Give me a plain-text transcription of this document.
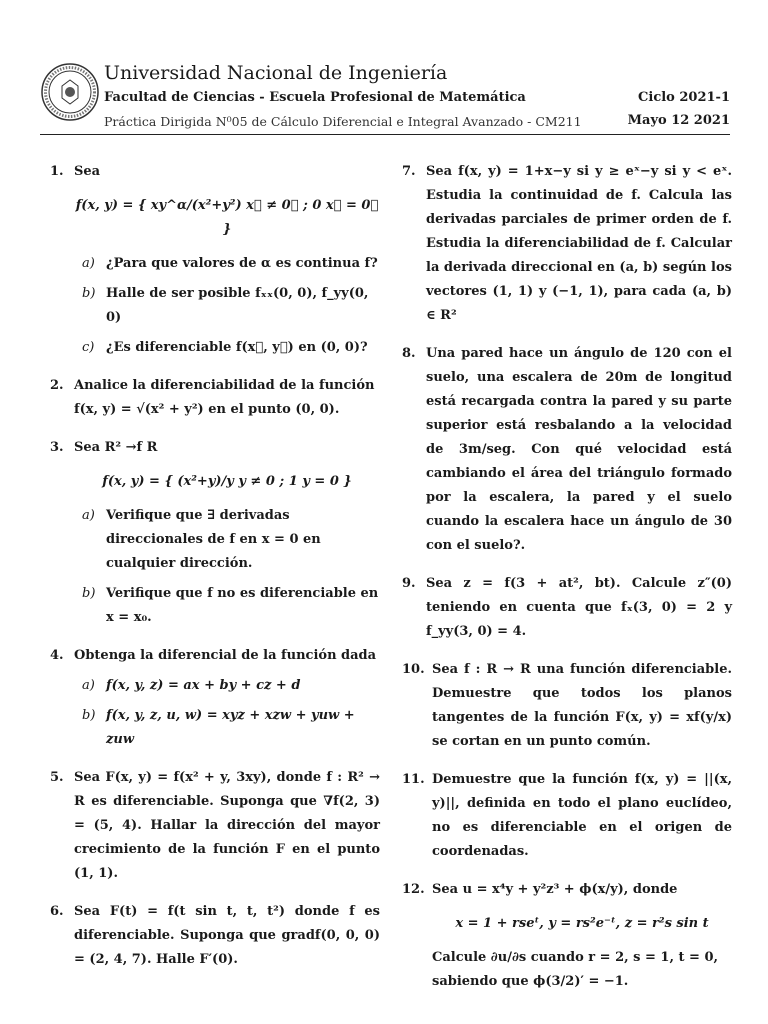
Universidad Nacional de Ingeniería
Facultad de Ciencias - Escuela Profesional de Matemática	Ciclo 2021-1
Práctica Dirigida N⁰05 de Cálculo Diferencial e Integral Avanzado - CM211	Mayo 12 2021
1. Sea
f(x, y) = { xy^α/(x²+y²) x⃗ ≠ 0⃗ ; 0 x⃗ = 0⃗ }
a) ¿Para que valores de α es continua f?
b) Halle de ser posible fₓₓ(0, 0), f_yy(0, 0)
c) ¿Es diferenciable f(x⃗, y⃗) en (0, 0)?
2. Analice la diferenciabilidad de la función f(x, y) = √(x² + y²) en el punto (0, 0).
3. Sea R² →f R
f(x, y) = { (x²+y)/y y ≠ 0 ; 1 y = 0 }
a) Verifique que ∃ derivadas direccionales de f en x = 0 en cualquier dirección.
b) Verifique que f no es diferenciable en x = x₀.
4. Obtenga la diferencial de la función dada
a) f(x, y, z) = ax + by + cz + d
b) f(x, y, z, u, w) = xyz + xzw + yuw + zuw
5. Sea F(x, y) = f(x² + y, 3xy), donde f : R² → R es diferenciable. Suponga que ∇f(2, 3) = (5, 4). Hallar la dirección del mayor crecimiento de la función F en el punto (1, 1).
6. Sea F(t) = f(t sin t, t, t²) donde f es diferenciable. Suponga que gradf(0, 0, 0) = (2, 4, 7). Halle F′(0).
7. Sea f(x, y) = 1+x−y si y ≥ eˣ−y si y < eˣ. Estudia la continuidad de f. Calcula las derivadas parciales de primer orden de f. Estudia la diferenciabilidad de f. Calcular la derivada direccional en (a, b) según los vectores (1, 1) y (−1, 1), para cada (a, b) ∈ R²
8. Una pared hace un ángulo de 120 con el suelo, una escalera de 20m de longitud está recargada contra la pared y su parte superior está resbalando a la velocidad de 3m/seg. Con qué velocidad está cambiando el área del triángulo formado por la escalera, la pared y el suelo cuando la escalera hace un ángulo de 30 con el suelo?.
9. Sea z = f(3 + at², bt). Calcule z″(0) teniendo en cuenta que fₓ(3, 0) = 2 y f_yy(3, 0) = 4.
10. Sea f : R → R una función diferenciable. Demuestre que todos los planos tangentes de la función F(x, y) = xf(y/x) se cortan en un punto común.
11. Demuestre que la función f(x, y) = ||(x, y)||, definida en todo el plano euclídeo, no es diferenciable en el origen de coordenadas.
12. Sea u = x⁴y + y²z³ + ϕ(x/y), donde
x = 1 + rseᵗ, y = rs²e⁻ᵗ, z = r²s sin t
Calcule ∂u/∂s cuando r = 2, s = 1, t = 0, sabiendo que ϕ(3/2)′ = −1.
